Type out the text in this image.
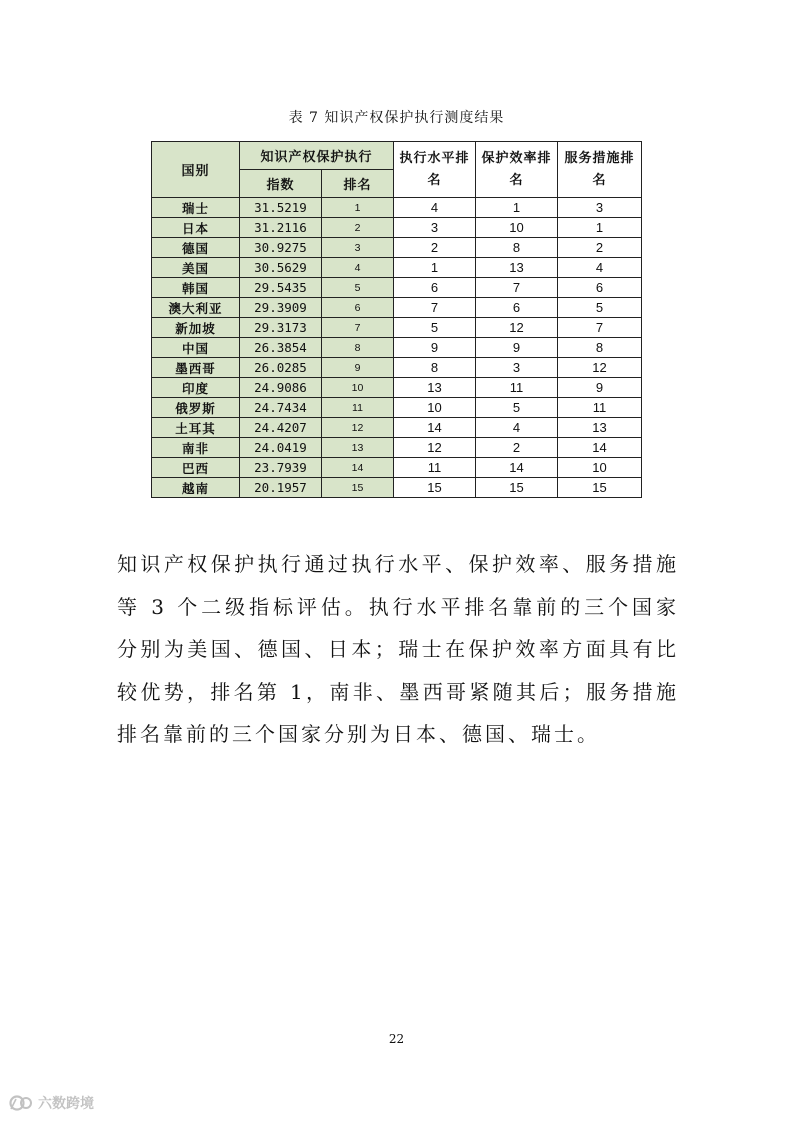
表 7 知识产权保护执行测度结果
国别	知识产权保护执行		执行水平排名	保护效率排名	服务措施排名
	指数	排名			
瑞士	31.5219	1	4	1	3
日本	31.2116	2	3	10	1
德国	30.9275	3	2	8	2
美国	30.5629	4	1	13	4
韩国	29.5435	5	6	7	6
澳大利亚	29.3909	6	7	6	5
新加坡	29.3173	7	5	12	7
中国	26.3854	8	9	9	8
墨西哥	26.0285	9	8	3	12
印度	24.9086	10	13	11	9
俄罗斯	24.7434	11	10	5	11
土耳其	24.4207	12	14	4	13
南非	24.0419	13	12	2	14
巴西	23.7939	14	11	14	10
越南	20.1957	15	15	15	15

知识产权保护执行通过执行水平、保护效率、服务措施等 3 个二级指标评估。执行水平排名靠前的三个国家分别为美国、德国、日本；瑞士在保护效率方面具有比较优势，排名第 1，南非、墨西哥紧随其后；服务措施排名靠前的三个国家分别为日本、德国、瑞士。

22
六数跨境
